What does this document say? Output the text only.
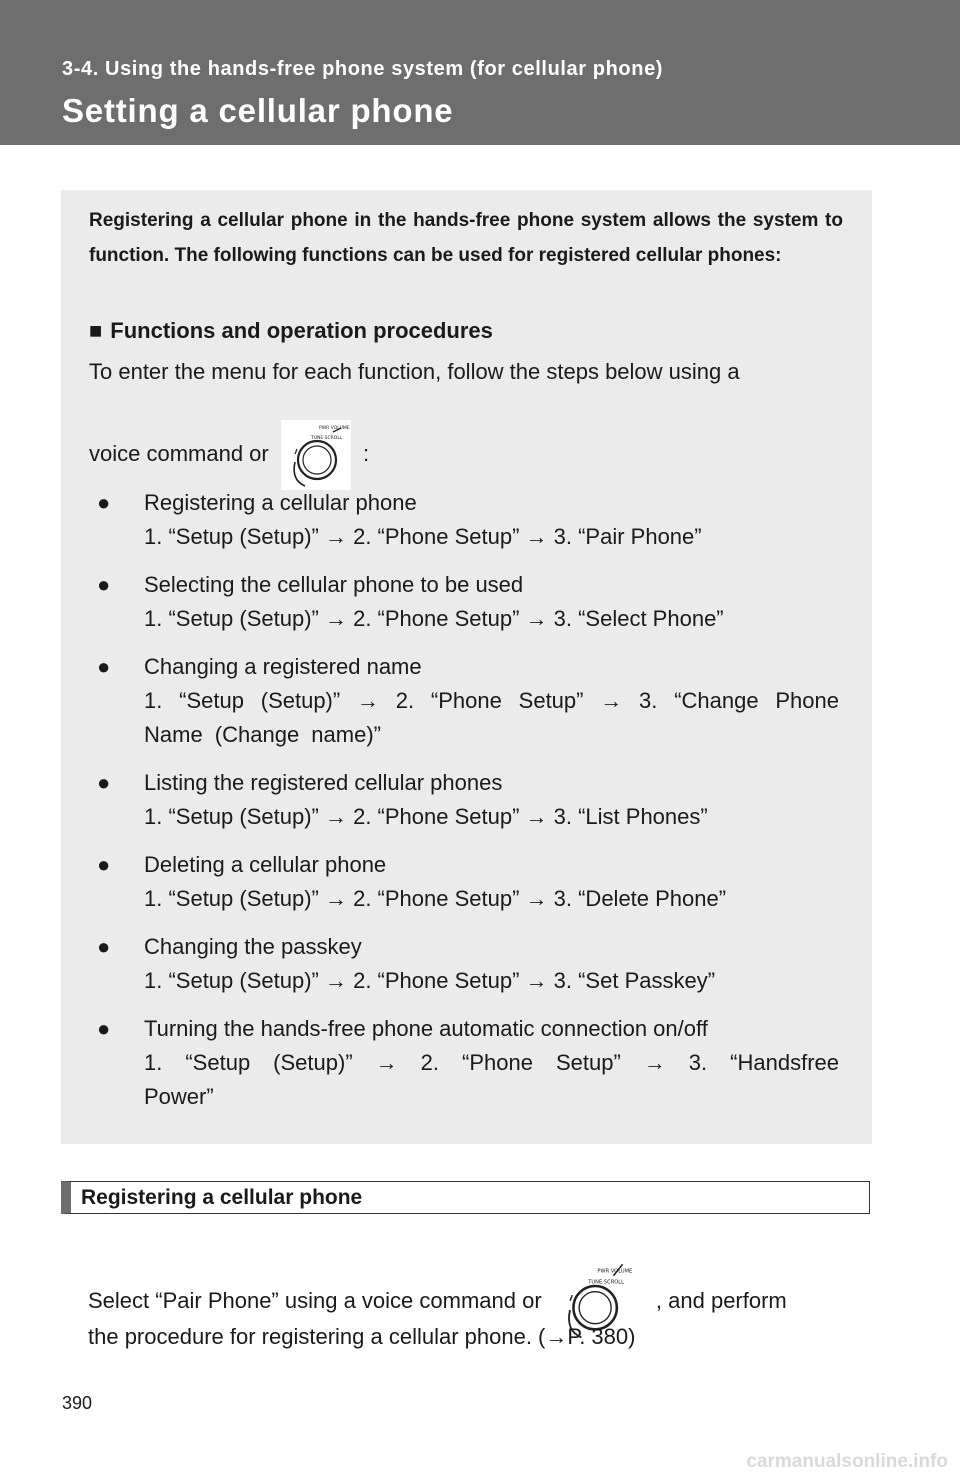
3-4. Using the hands-free phone system (for cellular phone)
Setting a cellular phone
Registering a cellular phone in the hands-free phone system allows the system to function. The following functions can be used for registered cellular phones:
■ Functions and operation procedures
To enter the menu for each function, follow the steps below using a
voice command or
PWR VOLUME
TUNE·SCROLL
:
● Registering a cellular phone
1. “Setup (Setup)” → 2. “Phone Setup” → 3. “Pair Phone”
● Selecting the cellular phone to be used
1. “Setup (Setup)” → 2. “Phone Setup” → 3. “Select Phone”
● Changing a registered name
1. “Setup (Setup)” → 2. “Phone Setup” → 3. “Change Phone Name (Change name)”
● Listing the registered cellular phones
1. “Setup (Setup)” → 2. “Phone Setup” → 3. “List Phones”
● Deleting a cellular phone
1. “Setup (Setup)” → 2. “Phone Setup” → 3. “Delete Phone”
● Changing the passkey
1. “Setup (Setup)” → 2. “Phone Setup” → 3. “Set Passkey”
● Turning the hands-free phone automatic connection on/off
1. “Setup (Setup)” → 2. “Phone Setup” → 3. “Handsfree Power”
Registering a cellular phone
Select “Pair Phone” using a voice command or
PWR VOLUME
TUNE·SCROLL
, and perform
the procedure for registering a cellular phone. (→P. 380)
390
carmanualsonline.info
